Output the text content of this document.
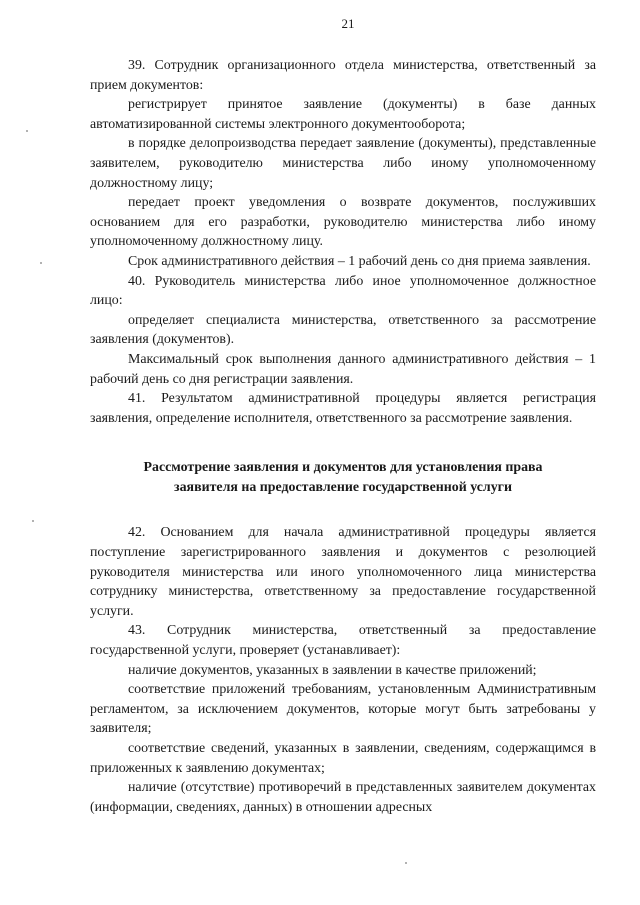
21

39. Сотрудник организационного отдела министерства, ответственный за прием документов:

регистрирует принятое заявление (документы) в базе данных автоматизированной системы электронного документооборота;

в порядке делопроизводства передает заявление (документы), представленные заявителем, руководителю министерства либо иному уполномоченному должностному лицу;

передает проект уведомления о возврате документов, послуживших основанием для его разработки, руководителю министерства либо иному уполномоченному должностному лицу.

Срок административного действия – 1 рабочий день со дня приема заявления.

40. Руководитель министерства либо иное уполномоченное должностное лицо:

определяет специалиста министерства, ответственного за рассмотрение заявления (документов).

Максимальный срок выполнения данного административного действия – 1 рабочий день со дня регистрации заявления.

41. Результатом административной процедуры является регистрация заявления, определение исполнителя, ответственного за рассмотрение заявления.

Рассмотрение заявления и документов для установления права
заявителя на предоставление государственной услуги

42. Основанием для начала административной процедуры является поступление зарегистрированного заявления и документов с резолюцией руководителя министерства или иного уполномоченного лица министерства сотруднику министерства, ответственному за предоставление государственной услуги.

43. Сотрудник министерства, ответственный за предоставление государственной услуги, проверяет (устанавливает):

наличие документов, указанных в заявлении в качестве приложений;

соответствие приложений требованиям, установленным Административным регламентом, за исключением документов, которые могут быть затребованы у заявителя;

соответствие сведений, указанных в заявлении, сведениям, содержащимся в приложенных к заявлению документах;

наличие (отсутствие) противоречий в представленных заявителем документах (информации, сведениях, данных) в отношении адресных
